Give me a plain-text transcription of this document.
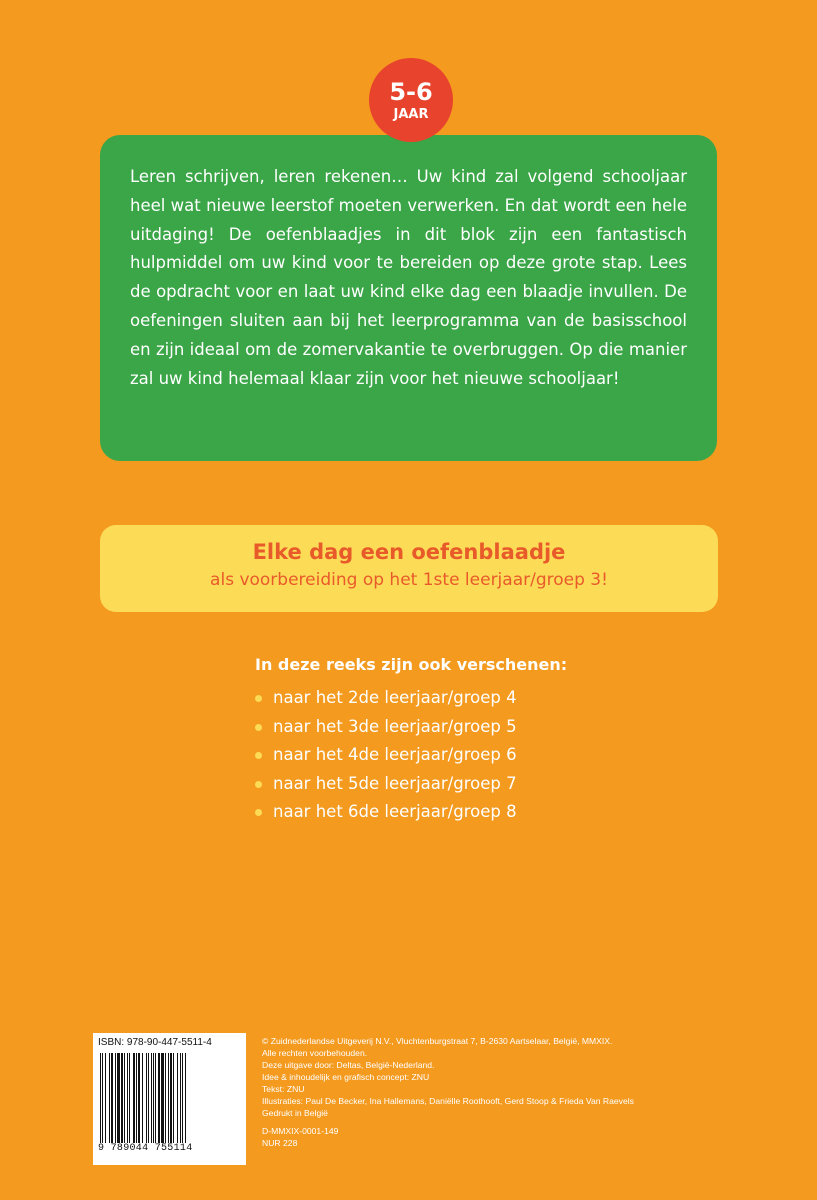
5-6
JAAR
Leren schrijven, leren rekenen… Uw kind zal volgend schooljaar heel wat nieuwe leerstof moeten verwerken. En dat wordt een hele uitdaging! De oefenblaadjes in dit blok zijn een fantastisch hulpmiddel om uw kind voor te bereiden op deze grote stap. Lees de opdracht voor en laat uw kind elke dag een blaadje invullen. De oefeningen sluiten aan bij het leerprogramma van de basisschool en zijn ideaal om de zomervakantie te overbruggen. Op die manier zal uw kind helemaal klaar zijn voor het nieuwe schooljaar!
Elke dag een oefenblaadje
als voorbereiding op het 1ste leerjaar/groep 3!
In deze reeks zijn ook verschenen:
naar het 2de leerjaar/groep 4
naar het 3de leerjaar/groep 5
naar het 4de leerjaar/groep 6
naar het 5de leerjaar/groep 7
naar het 6de leerjaar/groep 8
ISBN: 978-90-447-5511-4
9 789044 755114
© Zuidnederlandse Uitgeverij N.V., Vluchtenburgstraat 7, B-2630 Aartselaar, België, MMXIX.
Alle rechten voorbehouden.
Deze uitgave door: Deltas, België-Nederland.
Idee & inhoudelijk en grafisch concept: ZNU
Tekst: ZNU
Illustraties: Paul De Becker, Ina Hallemans, Daniëlle Roothooft, Gerd Stoop & Frieda Van Raevels
Gedrukt in België
D-MMXIX-0001-149
NUR 228
